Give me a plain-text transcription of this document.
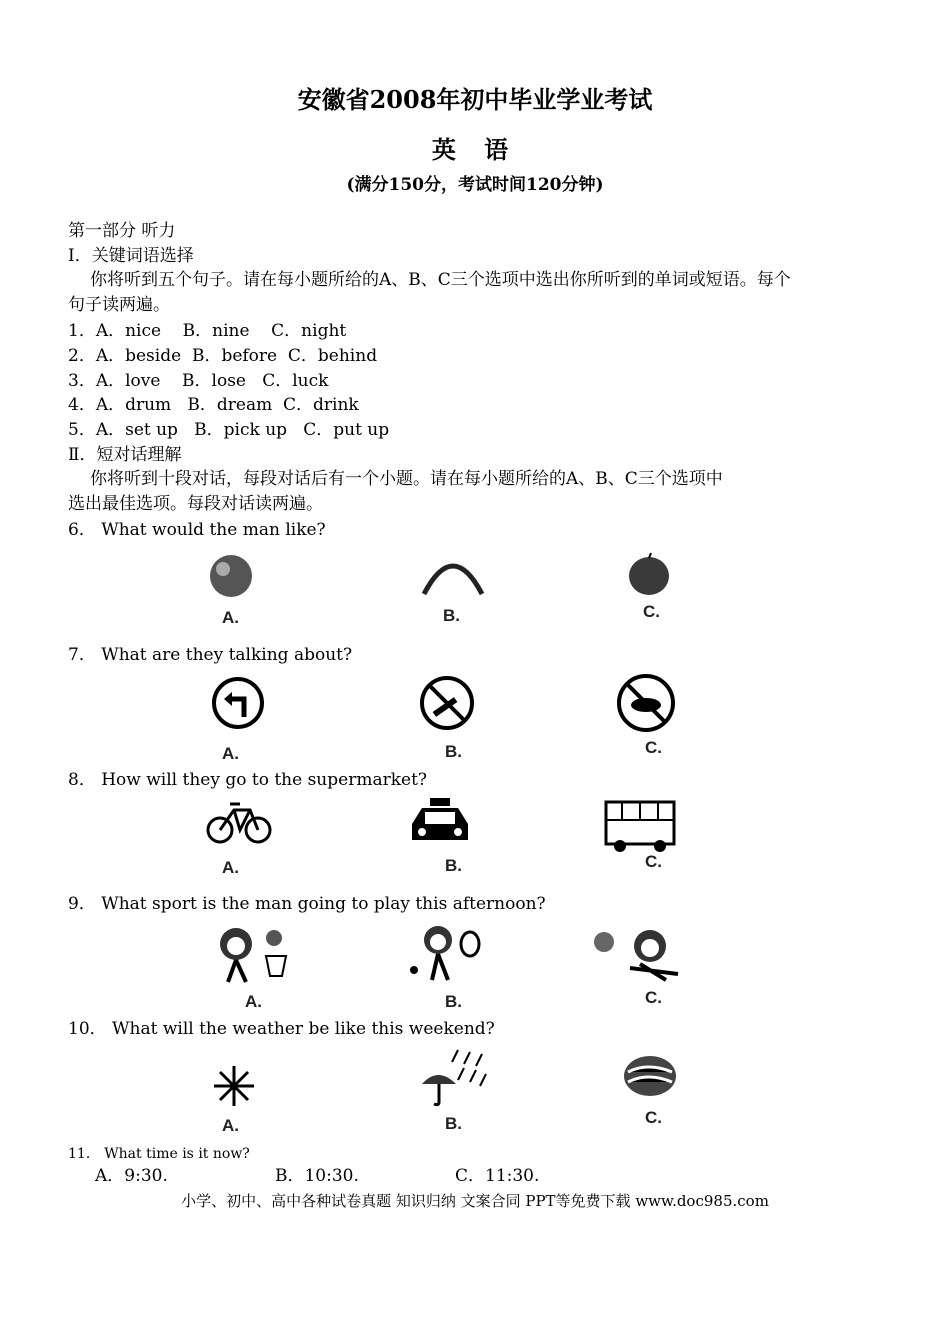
安徽省2008年初中毕业学业考试
英 语
(满分150分，考试时间120分钟)
第一部分 听力
Ⅰ．关键词语选择
你将听到五个句子。请在每小题所给的A、B、C三个选项中选出你所听到的单词或短语。每个
句子读两遍。
1．A．nice    B．nine    C．night
2．A．beside  B．before  C．behind
3．A．love    B．lose   C．luck
4．A．drum   B．dream  C．drink
5．A．set up   B．pick up   C．put up
Ⅱ．短对话理解
你将听到十段对话，每段对话后有一个小题。请在每小题所给的A、B、C三个选项中
选出最佳选项。每段对话读两遍。
6． What would the man like?
A.	B.	C.
7． What are they talking about?
A.	B.	C.
8． How will they go to the supermarket?
A.	B.	C.
9． What sport is the man going to play this afternoon?
A.	B.	C.
10． What will the weather be like this weekend?
A.	B.	C.
11． What time is it now?
A．9:30.	B．10:30.	C．11:30.
小学、初中、高中各种试卷真题 知识归纳 文案合同 PPT等免费下载 www.doc985.com
